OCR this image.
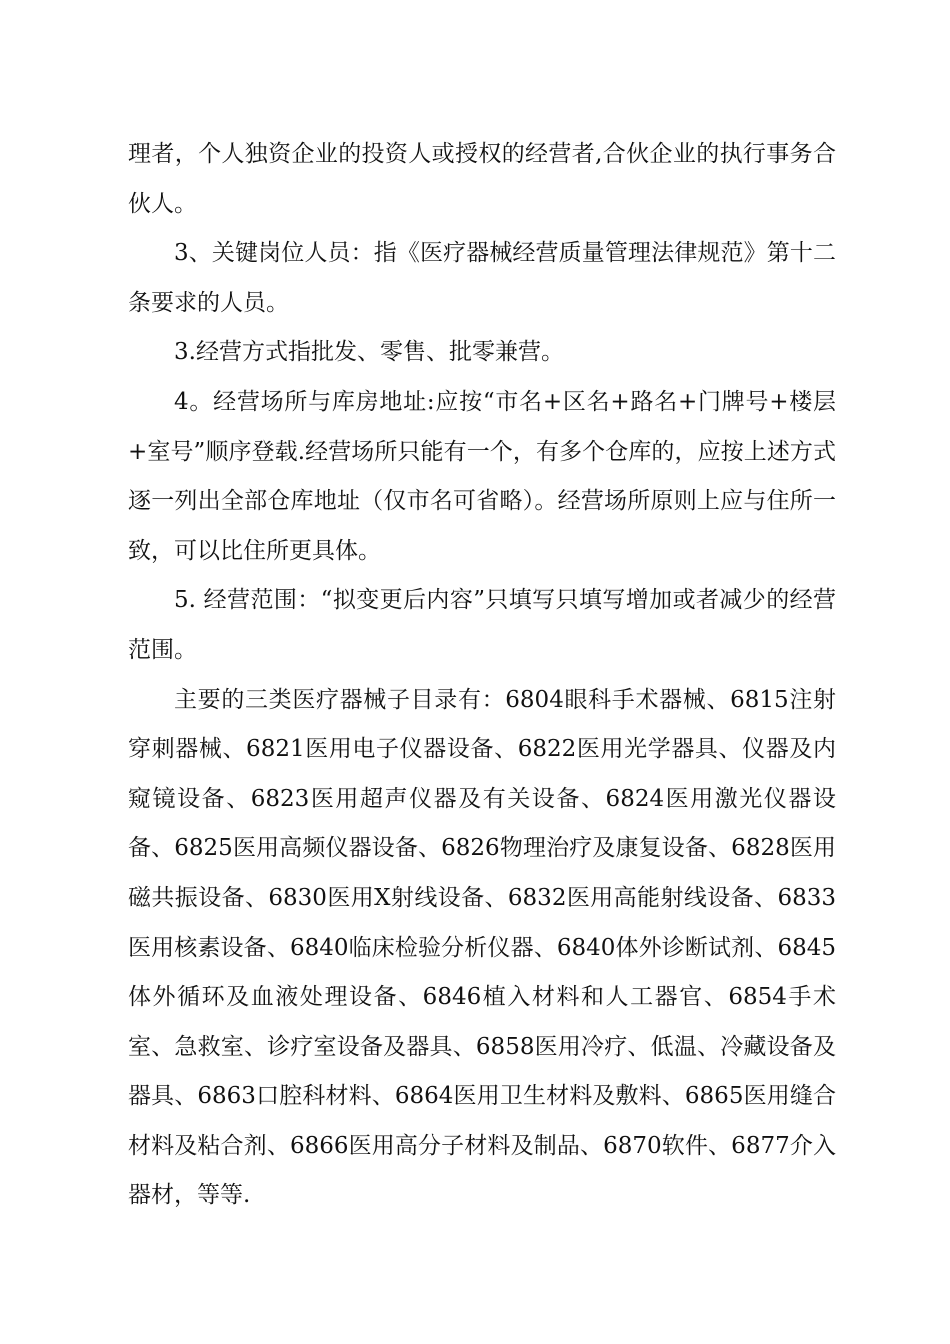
理者，个人独资企业的投资人或授权的经营者,合伙企业的执行事务合伙人。

3、关键岗位人员：指《医疗器械经营质量管理法律规范》第十二条要求的人员。

3.经营方式指批发、零售、批零兼营。

4。经营场所与库房地址:应按“市名+区名+路名+门牌号+楼层+室号”顺序登载.经营场所只能有一个，有多个仓库的，应按上述方式逐一列出全部仓库地址（仅市名可省略）。经营场所原则上应与住所一致，可以比住所更具体。

5. 经营范围：“拟变更后内容”只填写只填写增加或者减少的经营范围。

主要的三类医疗器械子目录有：6804眼科手术器械、6815注射穿刺器械、6821医用电子仪器设备、6822医用光学器具、仪器及内窥镜设备、6823医用超声仪器及有关设备、6824医用激光仪器设备、6825医用高频仪器设备、6826物理治疗及康复设备、6828医用磁共振设备、6830医用X射线设备、6832医用高能射线设备、6833医用核素设备、6840临床检验分析仪器、6840体外诊断试剂、6845体外循环及血液处理设备、6846植入材料和人工器官、6854手术室、急救室、诊疗室设备及器具、6858医用冷疗、低温、冷藏设备及器具、6863口腔科材料、6864医用卫生材料及敷料、6865医用缝合材料及粘合剂、6866医用高分子材料及制品、6870软件、6877介入器材，等等.
